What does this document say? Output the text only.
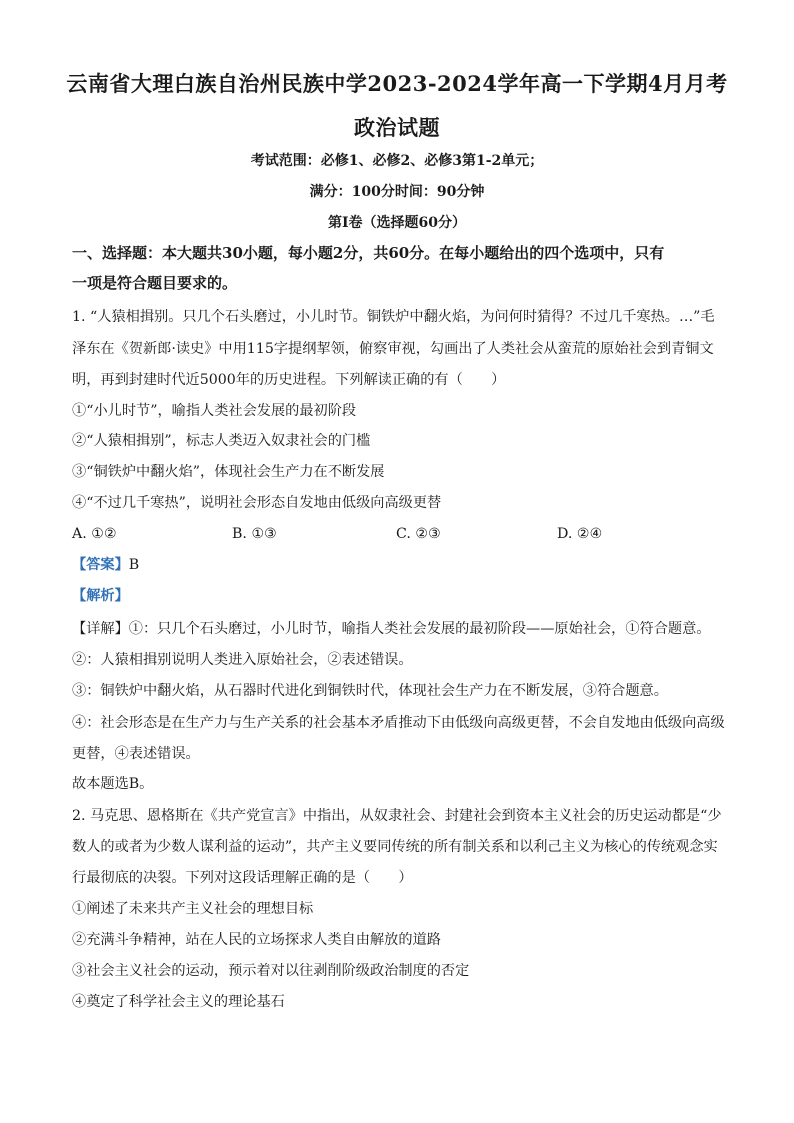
云南省大理白族自治州民族中学2023-2024学年高一下学期4月月考
政治试题
考试范围：必修1、必修2、必修3第1-2单元；
满分：100分时间：90分钟
第Ⅰ卷（选择题60分）
一、选择题：本大题共30小题，每小题2分，共60分。在每小题给出的四个选项中，只有
一项是符合题目要求的。
1. “人猿相揖别。只几个石头磨过，小儿时节。铜铁炉中翻火焰，为问何时猜得？不过几千寒热。…”毛
泽东在《贺新郎·读史》中用115字提纲挈领，俯察审视，勾画出了人类社会从蛮荒的原始社会到青铜文
明，再到封建时代近5000年的历史进程。下列解读正确的有（　　）
①“小儿时节”，喻指人类社会发展的最初阶段
②“人猿相揖别”，标志人类迈入奴隶社会的门槛
③“铜铁炉中翻火焰”，体现社会生产力在不断发展
④“不过几千寒热”，说明社会形态自发地由低级向高级更替
A. ①②	B. ①③	C. ②③	D. ②④
【答案】B
【解析】
【详解】①：只几个石头磨过，小儿时节，喻指人类社会发展的最初阶段——原始社会，①符合题意。
②：人猿相揖别说明人类进入原始社会，②表述错误。
③：铜铁炉中翻火焰，从石器时代进化到铜铁时代，体现社会生产力在不断发展，③符合题意。
④：社会形态是在生产力与生产关系的社会基本矛盾推动下由低级向高级更替，不会自发地由低级向高级
更替，④表述错误。
故本题选B。
2. 马克思、恩格斯在《共产党宣言》中指出，从奴隶社会、封建社会到资本主义社会的历史运动都是“少
数人的或者为少数人谋利益的运动”，共产主义要同传统的所有制关系和以利己主义为核心的传统观念实
行最彻底的决裂。下列对这段话理解正确的是（　　）
①阐述了未来共产主义社会的理想目标
②充满斗争精神，站在人民的立场探求人类自由解放的道路
③社会主义社会的运动，预示着对以往剥削阶级政治制度的否定
④奠定了科学社会主义的理论基石
